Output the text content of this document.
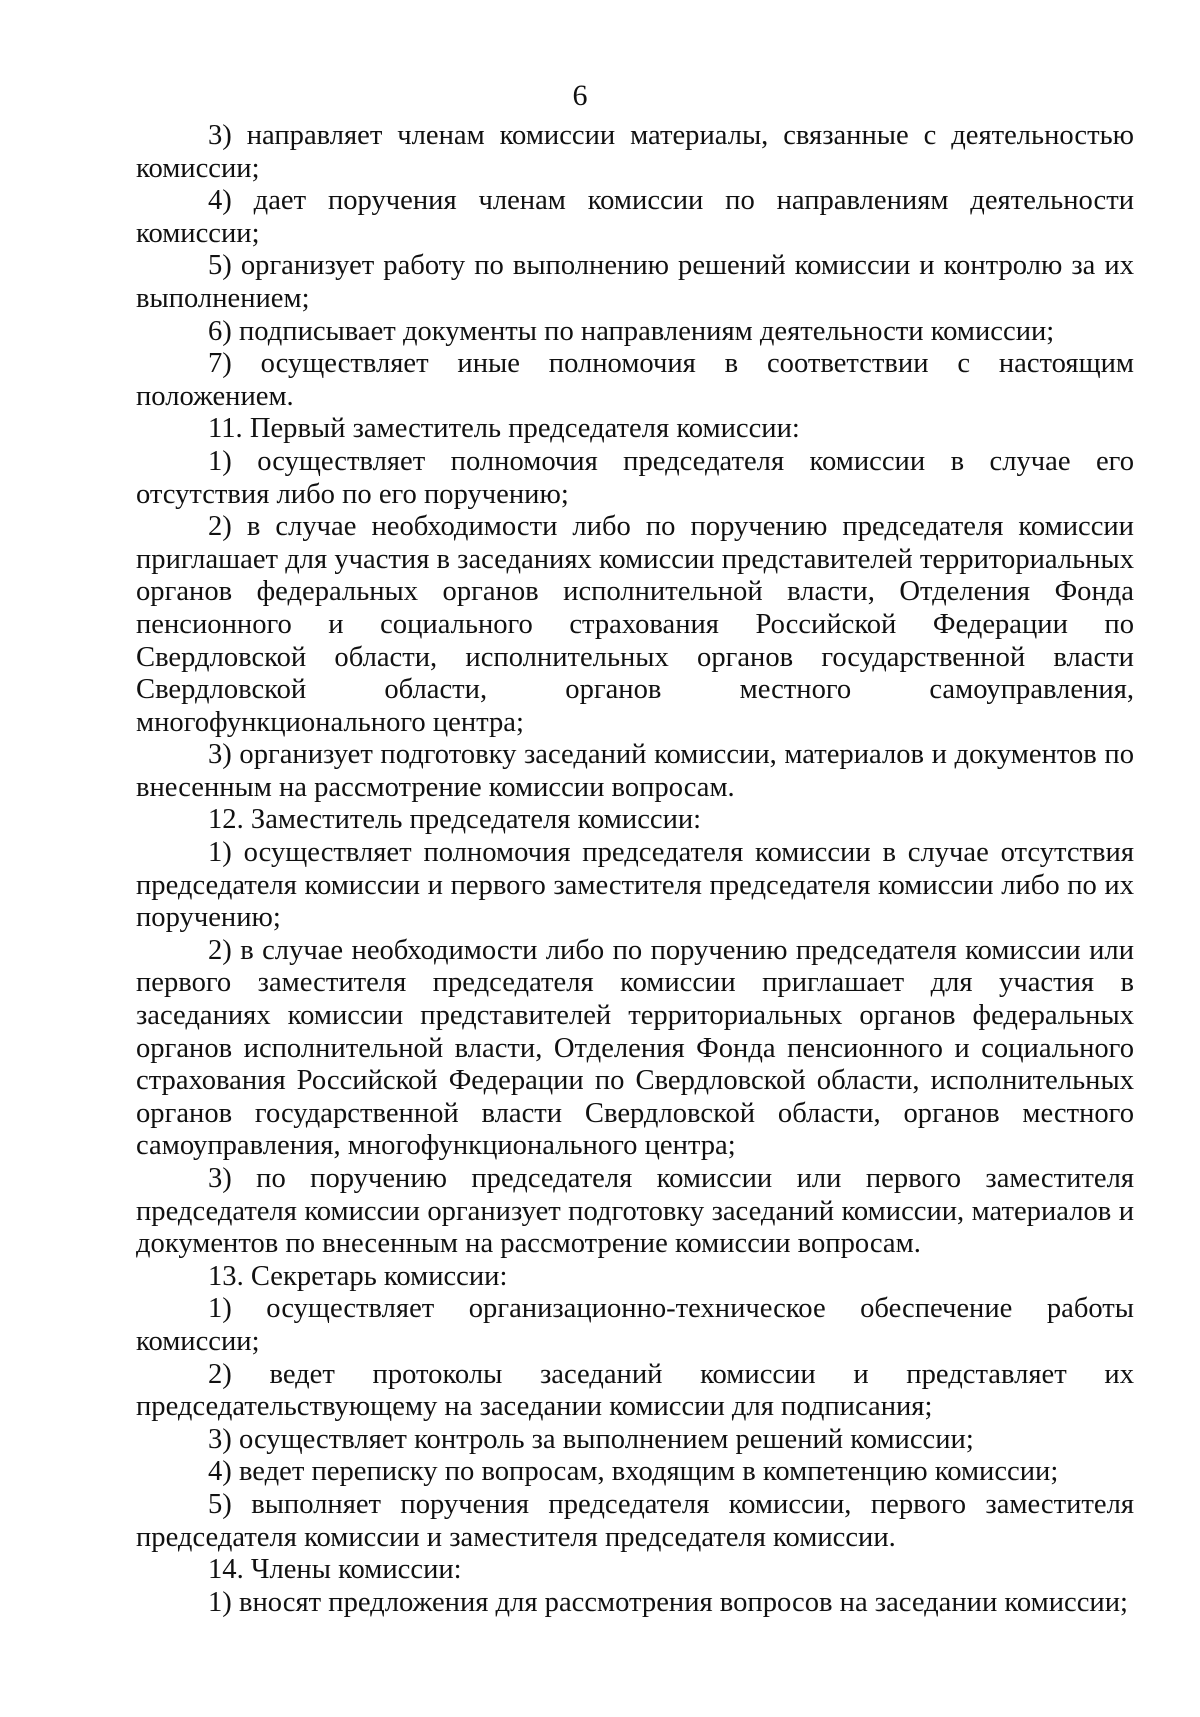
6

3) направляет членам комиссии материалы, связанные с деятельностью комиссии;

4) дает поручения членам комиссии по направлениям деятельности комиссии;

5) организует работу по выполнению решений комиссии и контролю за их выполнением;

6) подписывает документы по направлениям деятельности комиссии;

7) осуществляет иные полномочия в соответствии с настоящим положением.

11. Первый заместитель председателя комиссии:

1) осуществляет полномочия председателя комиссии в случае его отсутствия либо по его поручению;

2) в случае необходимости либо по поручению председателя комиссии приглашает для участия в заседаниях комиссии представителей территориальных органов федеральных органов исполнительной власти, Отделения Фонда пенсионного и социального страхования Российской Федерации по Свердловской области, исполнительных органов государственной власти Свердловской области, органов местного самоуправления, многофункционального центра;

3) организует подготовку заседаний комиссии, материалов и документов по внесенным на рассмотрение комиссии вопросам.

12. Заместитель председателя комиссии:

1) осуществляет полномочия председателя комиссии в случае отсутствия председателя комиссии и первого заместителя председателя комиссии либо по их поручению;

2) в случае необходимости либо по поручению председателя комиссии или первого заместителя председателя комиссии приглашает для участия в заседаниях комиссии представителей территориальных органов федеральных органов исполнительной власти, Отделения Фонда пенсионного и социального страхования Российской Федерации по Свердловской области, исполнительных органов государственной власти Свердловской области, органов местного самоуправления, многофункционального центра;

3) по поручению председателя комиссии или первого заместителя председателя комиссии организует подготовку заседаний комиссии, материалов и документов по внесенным на рассмотрение комиссии вопросам.

13. Секретарь комиссии:

1) осуществляет организационно-техническое обеспечение работы комиссии;

2) ведет протоколы заседаний комиссии и представляет их председательствующему на заседании комиссии для подписания;

3) осуществляет контроль за выполнением решений комиссии;

4) ведет переписку по вопросам, входящим в компетенцию комиссии;

5) выполняет поручения председателя комиссии, первого заместителя председателя комиссии и заместителя председателя комиссии.

14. Члены комиссии:

1) вносят предложения для рассмотрения вопросов на заседании комиссии;
